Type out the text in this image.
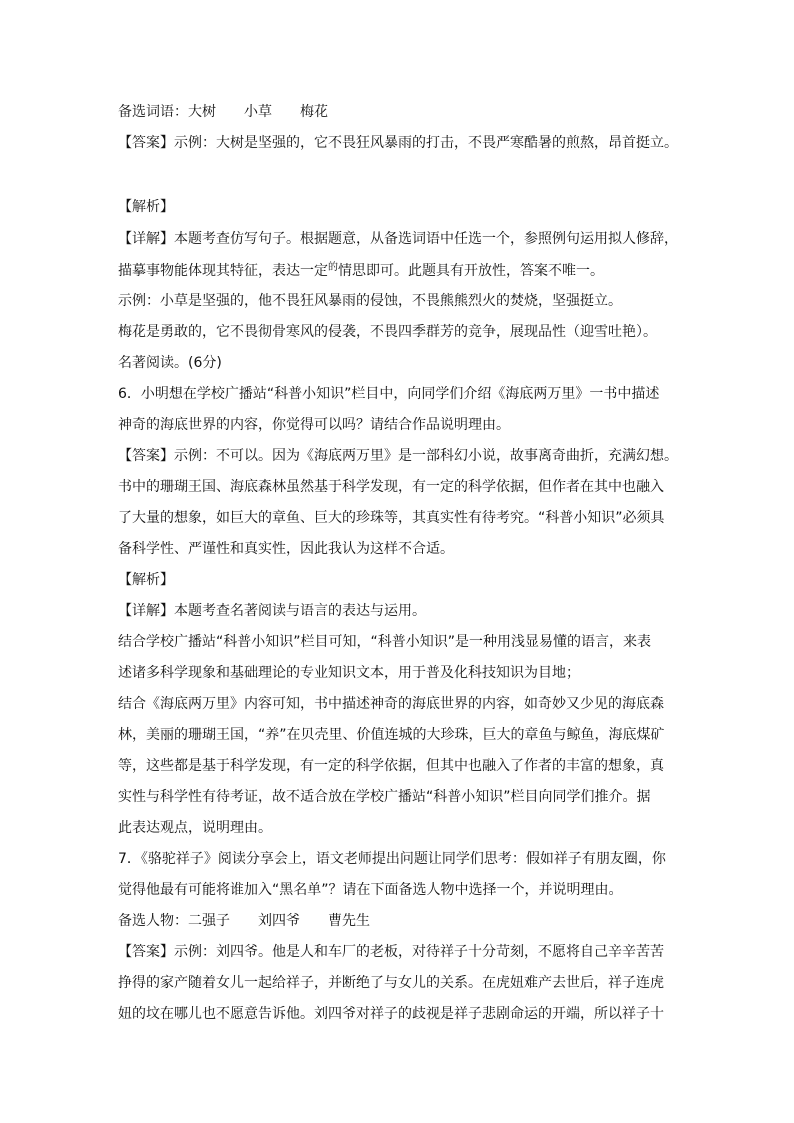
备选词语：大树　　小草　　梅花
【答案】示例：大树是坚强的，它不畏狂风暴雨的打击，不畏严寒酷暑的煎熬，昂首挺立。
【解析】
【详解】本题考查仿写句子。根据题意，从备选词语中任选一个，参照例句运用拟人修辞，
描摹事物能体现其特征，表达一定$^的$情思即可。此题具有开放性，答案不唯一。
示例：小草是坚强的，他不畏狂风暴雨的侵蚀，不畏熊熊烈火的焚烧，坚强挺立。
梅花是勇敢的，它不畏彻骨寒风的侵袭，不畏四季群芳的竞争，展现品性（迎雪吐艳）。
名著阅读。(6分)
6．小明想在学校广播站“科普小知识”栏目中，向同学们介绍《海底两万里》一书中描述
神奇的海底世界的内容，你觉得可以吗？请结合作品说明理由。
【答案】示例：不可以。因为《海底两万里》是一部科幻小说，故事离奇曲折，充满幻想。
书中的珊瑚王国、海底森林虽然基于科学发现，有一定的科学依据，但作者在其中也融入
了大量的想象，如巨大的章鱼、巨大的珍珠等，其真实性有待考究。“科普小知识”必须具
备科学性、严谨性和真实性，因此我认为这样不合适。
【解析】
【详解】本题考查名著阅读与语言的表达与运用。
结合学校广播站“科普小知识”栏目可知，“科普小知识”是一种用浅显易懂的语言，来表
述诸多科学现象和基础理论的专业知识文本，用于普及化科技知识为目地；
结合《海底两万里》内容可知，书中描述神奇的海底世界的内容，如奇妙又少见的海底森
林，美丽的珊瑚王国，“养”在贝壳里、价值连城的大珍珠，巨大的章鱼与鲸鱼，海底煤矿
等，这些都是基于科学发现，有一定的科学依据，但其中也融入了作者的丰富的想象，真
实性与科学性有待考证，故不适合放在学校广播站“科普小知识”栏目向同学们推介。据
此表达观点，说明理由。
7．《骆驼祥子》阅读分享会上，语文老师提出问题让同学们思考：假如祥子有朋友圈，你
觉得他最有可能将谁加入“黑名单”？请在下面备选人物中选择一个，并说明理由。
备选人物：二强子　　刘四爷　　曹先生
【答案】示例：刘四爷。他是人和车厂的老板，对待祥子十分苛刻，不愿将自己辛辛苦苦
挣得的家产随着女儿一起给祥子，并断绝了与女儿的关系。在虎妞难产去世后，祥子连虎
妞的坟在哪儿也不愿意告诉他。刘四爷对祥子的歧视是祥子悲剧命运的开端，所以祥子十
